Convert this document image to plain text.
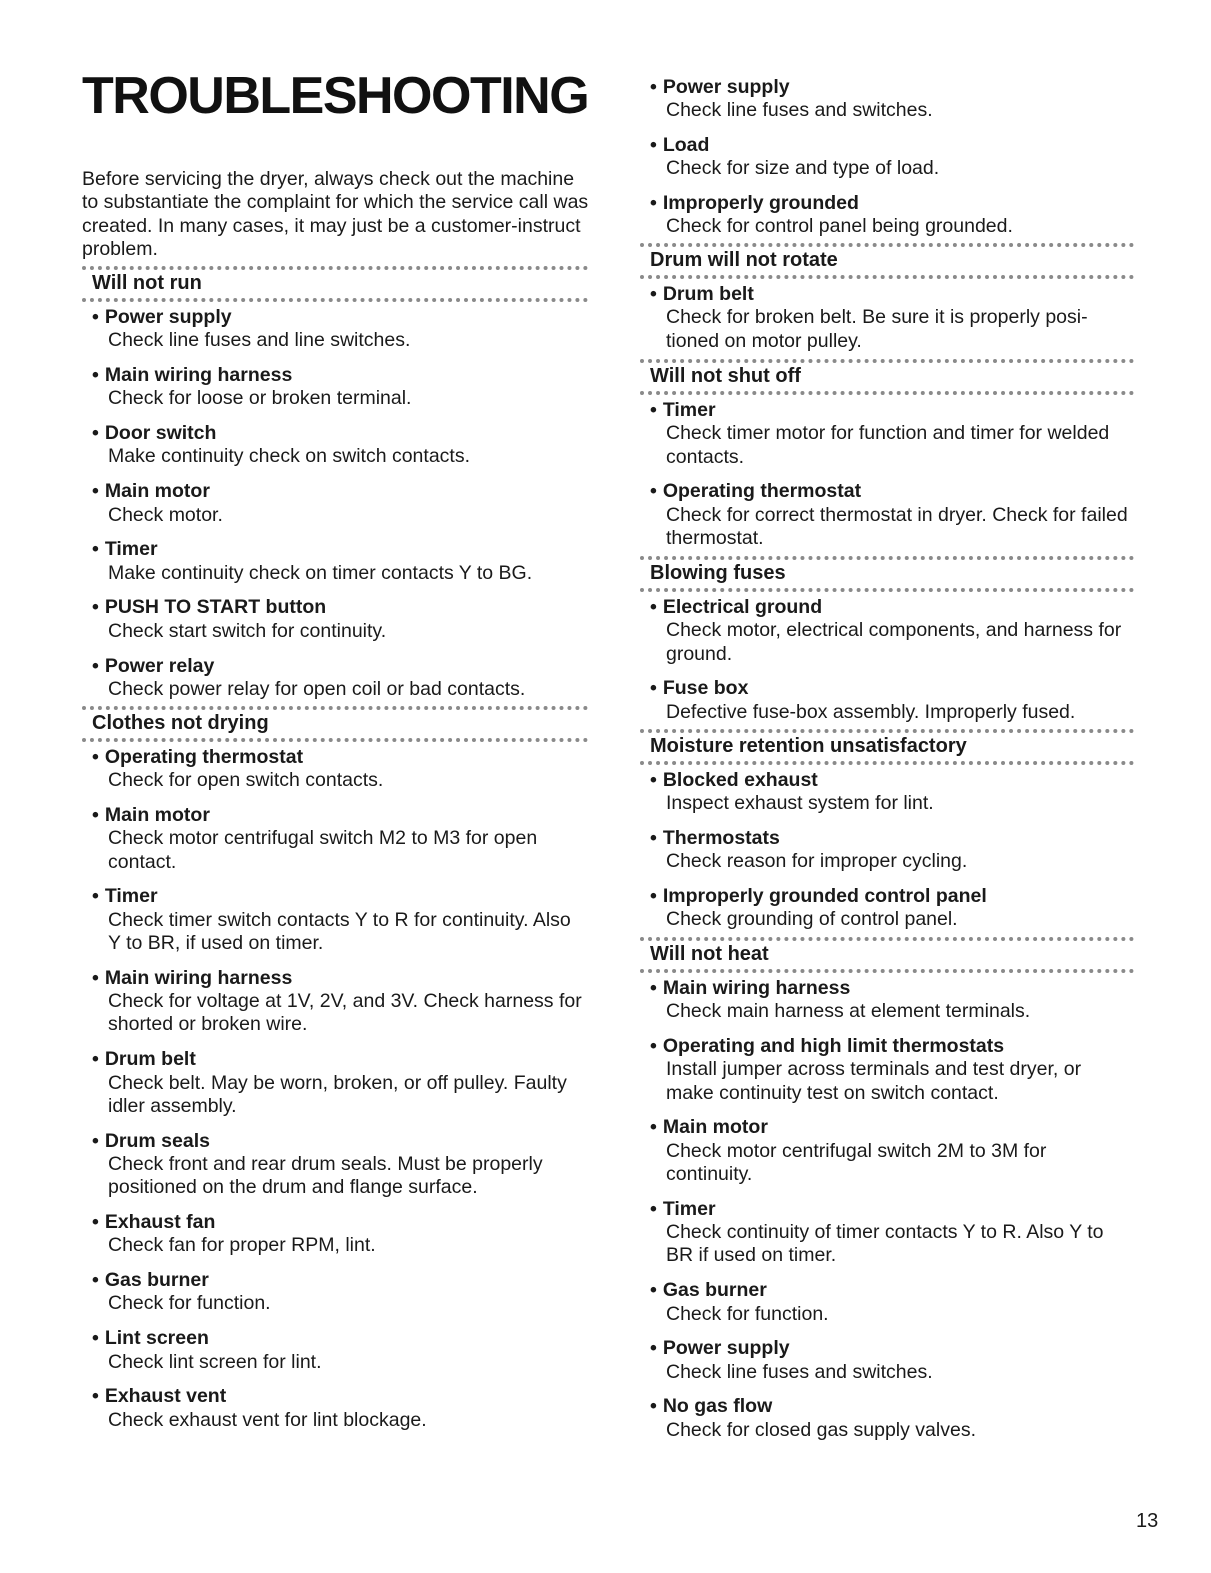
TROUBLESHOOTING

Before servicing the dryer, always check out the machine to substantiate the complaint for which the service call was created. In many cases, it may just be a customer-instruct problem.

Will not run
• Power supply
Check line fuses and line switches.
• Main wiring harness
Check for loose or broken terminal.
• Door switch
Make continuity check on switch contacts.
• Main motor
Check motor.
• Timer
Make continuity check on timer contacts Y to BG.
• PUSH TO START button
Check start switch for continuity.
• Power relay
Check power relay for open coil or bad contacts.
Clothes not drying
• Operating thermostat
Check for open switch contacts.
• Main motor
Check motor centrifugal switch M2 to M3 for open contact.
• Timer
Check timer switch contacts Y to R for continuity. Also Y to BR, if used on timer.
• Main wiring harness
Check for voltage at 1V, 2V, and 3V. Check harness for shorted or broken wire.
• Drum belt
Check belt. May be worn, broken, or off pulley. Faulty idler assembly.
• Drum seals
Check front and rear drum seals. Must be properly positioned on the drum and flange surface.
• Exhaust fan
Check fan for proper RPM, lint.
• Gas burner
Check for function.
• Lint screen
Check lint screen for lint.
• Exhaust vent
Check exhaust vent for lint blockage.
• Power supply
Check line fuses and switches.
• Load
Check for size and type of load.
• Improperly grounded
Check for control panel being grounded.
Drum will not rotate
• Drum belt
Check for broken belt. Be sure it is properly posi- tioned on motor pulley.
Will not shut off
• Timer
Check timer motor for function and timer for welded contacts.
• Operating thermostat
Check for correct thermostat in dryer. Check for failed thermostat.
Blowing fuses
• Electrical ground
Check motor, electrical components, and harness for ground.
• Fuse box
Defective fuse-box assembly. Improperly fused.
Moisture retention unsatisfactory
• Blocked exhaust
Inspect exhaust system for lint.
• Thermostats
Check reason for improper cycling.
• Improperly grounded control panel
Check grounding of control panel.
Will not heat
• Main wiring harness
Check main harness at element terminals.
• Operating and high limit thermostats
Install jumper across terminals and test dryer, or make continuity test on switch contact.
• Main motor
Check motor centrifugal switch 2M to 3M for continuity.
• Timer
Check continuity of timer contacts Y to R. Also Y to BR if used on timer.
• Gas burner
Check for function.
• Power supply
Check line fuses and switches.
• No gas flow
Check for closed gas supply valves.
13
